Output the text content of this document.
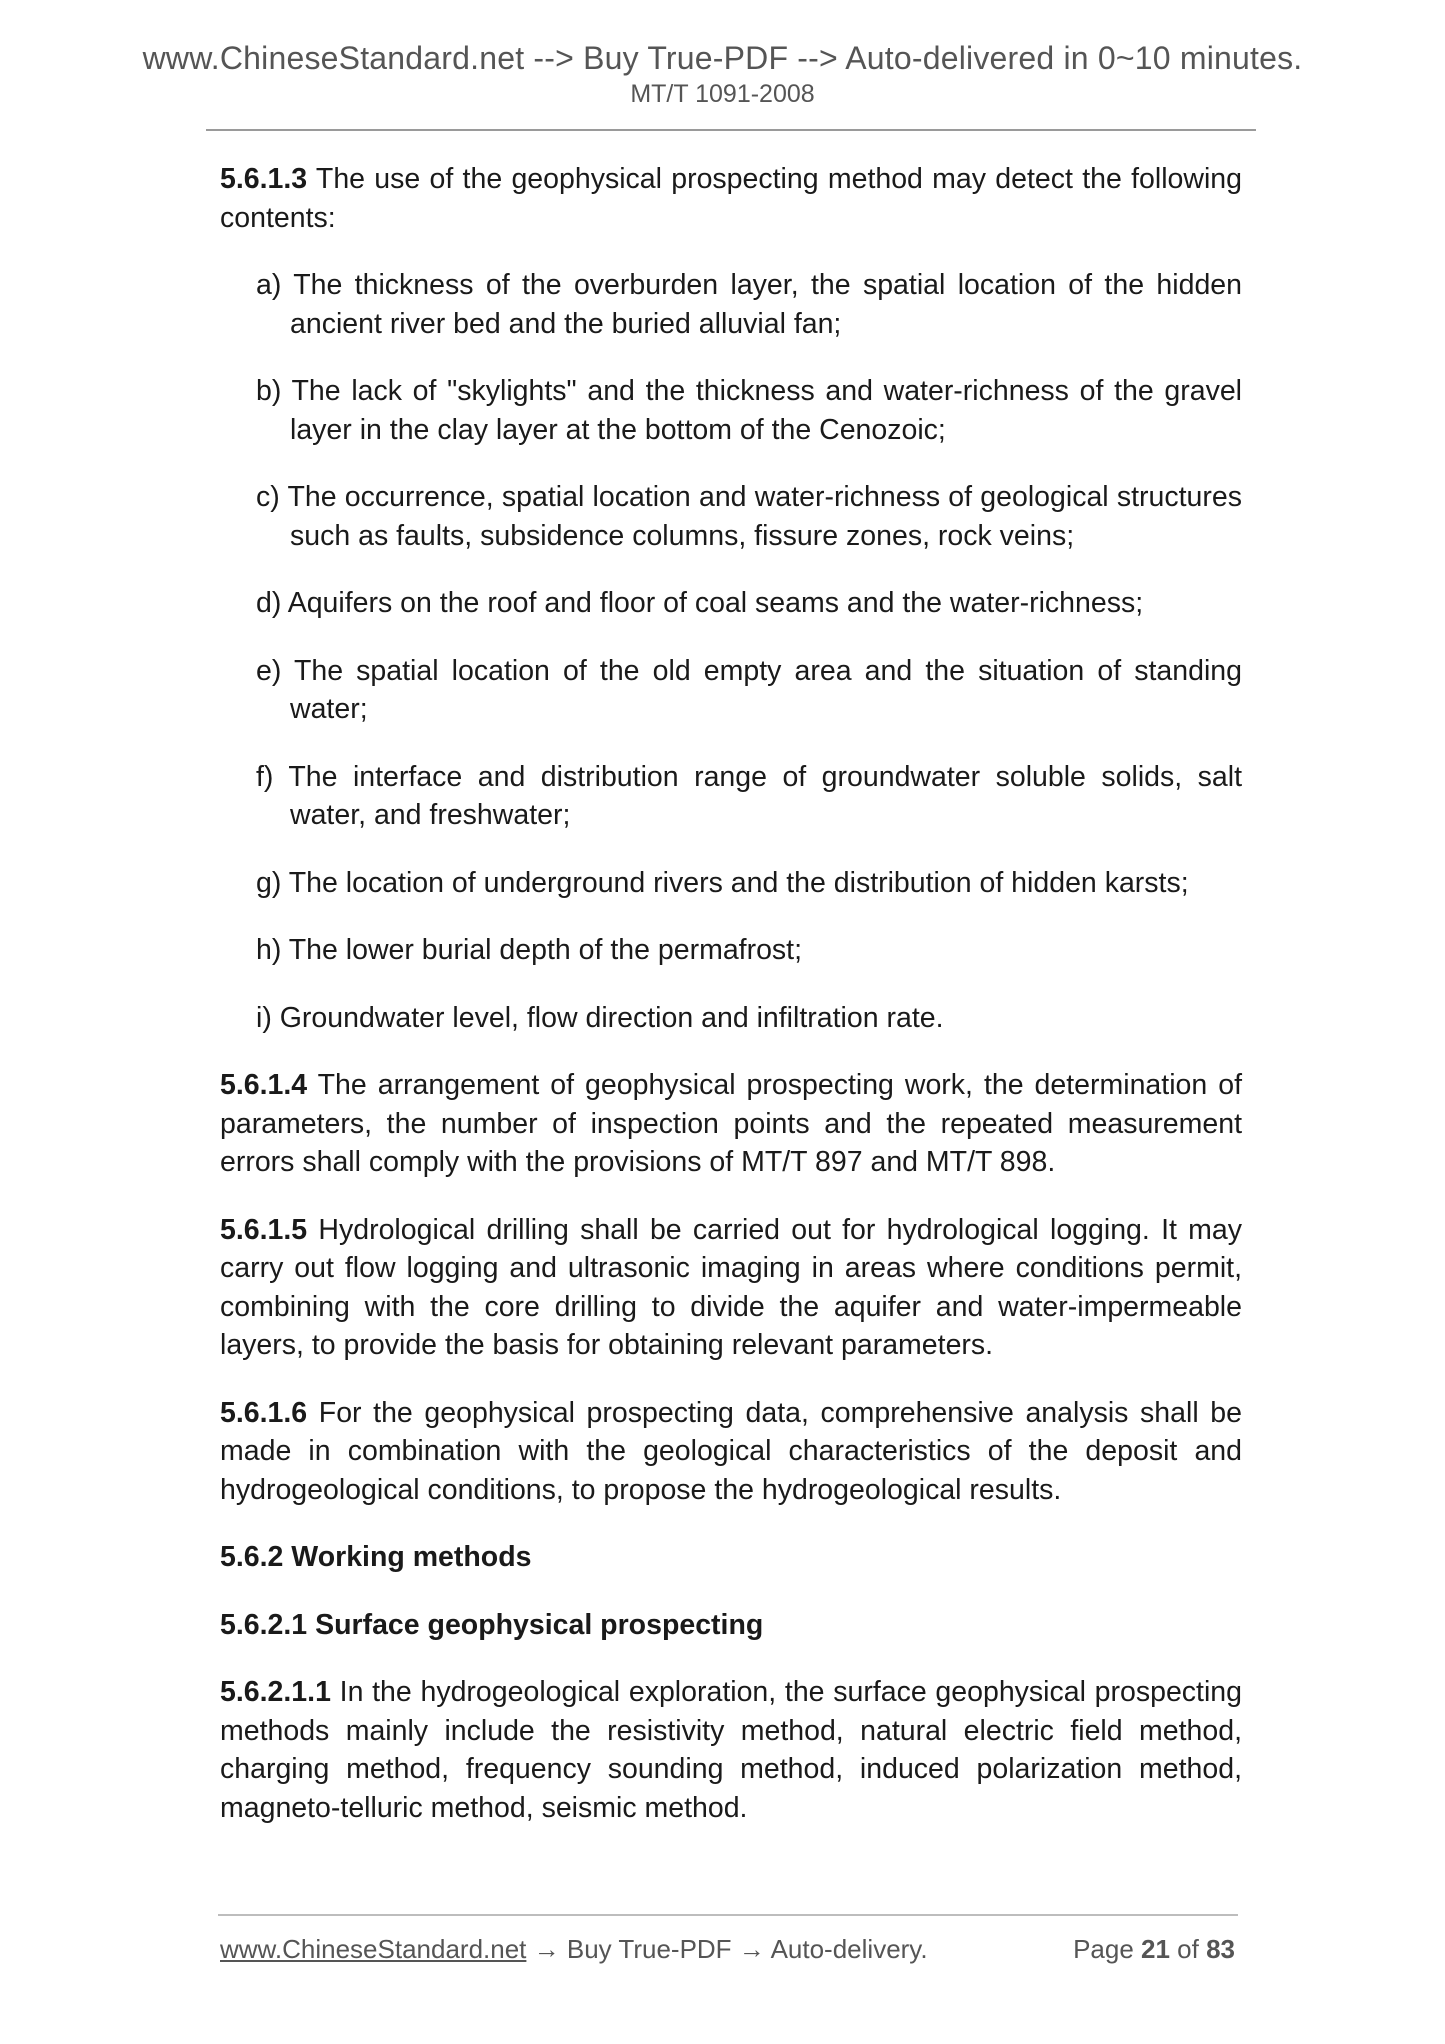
www.ChineseStandard.net --> Buy True-PDF --> Auto-delivered in 0~10 minutes.
MT/T 1091-2008

5.6.1.3 The use of the geophysical prospecting method may detect the following contents:

a) The thickness of the overburden layer, the spatial location of the hidden ancient river bed and the buried alluvial fan;

b) The lack of "skylights" and the thickness and water-richness of the gravel layer in the clay layer at the bottom of the Cenozoic;

c) The occurrence, spatial location and water-richness of geological structures such as faults, subsidence columns, fissure zones, rock veins;

d) Aquifers on the roof and floor of coal seams and the water-richness;

e) The spatial location of the old empty area and the situation of standing water;

f) The interface and distribution range of groundwater soluble solids, salt water, and freshwater;

g) The location of underground rivers and the distribution of hidden karsts;

h) The lower burial depth of the permafrost;

i) Groundwater level, flow direction and infiltration rate.

5.6.1.4 The arrangement of geophysical prospecting work, the determination of parameters, the number of inspection points and the repeated measurement errors shall comply with the provisions of MT/T 897 and MT/T 898.

5.6.1.5 Hydrological drilling shall be carried out for hydrological logging. It may carry out flow logging and ultrasonic imaging in areas where conditions permit, combining with the core drilling to divide the aquifer and water-impermeable layers, to provide the basis for obtaining relevant parameters.

5.6.1.6 For the geophysical prospecting data, comprehensive analysis shall be made in combination with the geological characteristics of the deposit and hydrogeological conditions, to propose the hydrogeological results.

5.6.2 Working methods

5.6.2.1 Surface geophysical prospecting

5.6.2.1.1 In the hydrogeological exploration, the surface geophysical prospecting methods mainly include the resistivity method, natural electric field method, charging method, frequency sounding method, induced polarization method, magneto-telluric method, seismic method.

www.ChineseStandard.net → Buy True-PDF → Auto-delivery.	Page 21 of 83
